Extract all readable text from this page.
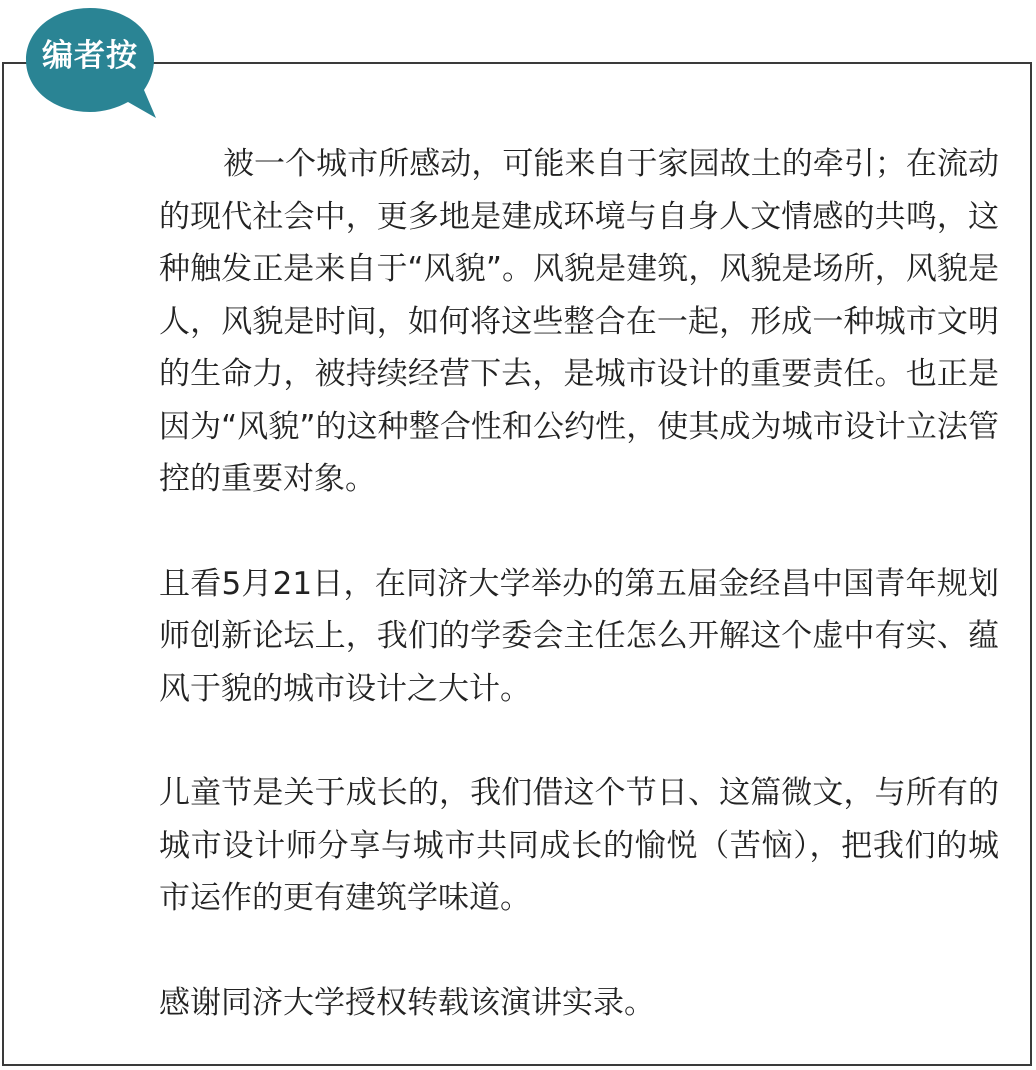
编者按

被一个城市所感动，可能来自于家园故土的牵引；在流动的现代社会中，更多地是建成环境与自身人文情感的共鸣，这种触发正是来自于“风貌”。风貌是建筑，风貌是场所，风貌是人，风貌是时间，如何将这些整合在一起，形成一种城市文明的生命力，被持续经营下去，是城市设计的重要责任。也正是因为“风貌”的这种整合性和公约性，使其成为城市设计立法管控的重要对象。

且看5月21日，在同济大学举办的第五届金经昌中国青年规划师创新论坛上，我们的学委会主任怎么开解这个虚中有实、蕴风于貌的城市设计之大计。

儿童节是关于成长的，我们借这个节日、这篇微文，与所有的城市设计师分享与城市共同成长的愉悦（苦恼），把我们的城市运作的更有建筑学味道。

感谢同济大学授权转载该演讲实录。
